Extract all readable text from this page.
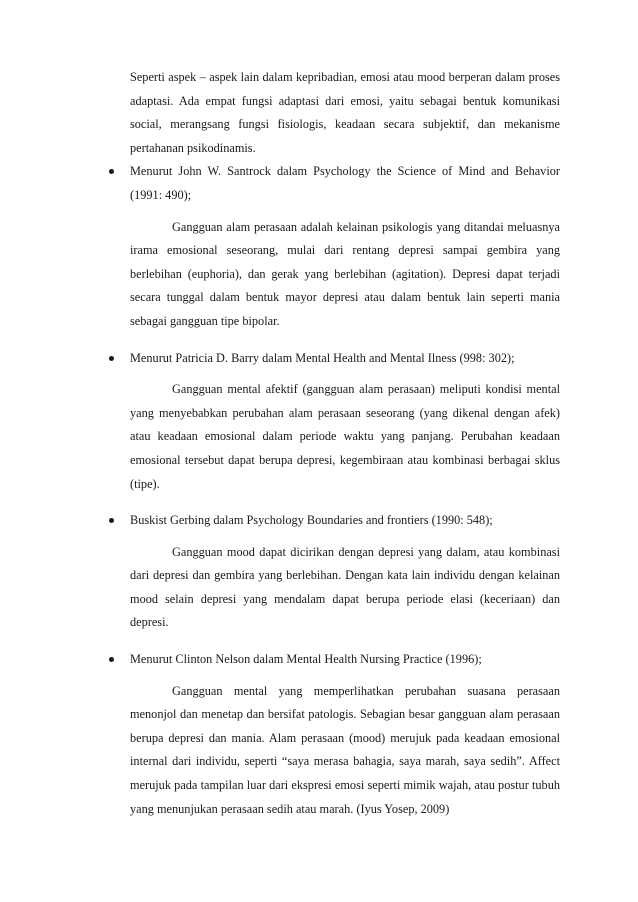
Seperti aspek – aspek lain dalam kepribadian, emosi atau mood berperan dalam proses adaptasi. Ada empat fungsi adaptasi dari emosi, yaitu sebagai bentuk komunikasi social, merangsang fungsi fisiologis, keadaan secara subjektif, dan mekanisme pertahanan psikodinamis.

Menurut John W. Santrock dalam Psychology the Science of Mind and Behavior (1991: 490);

Gangguan alam perasaan adalah kelainan psikologis yang ditandai meluasnya irama emosional seseorang, mulai dari rentang depresi sampai gembira yang berlebihan (euphoria), dan gerak yang berlebihan (agitation). Depresi dapat terjadi secara tunggal dalam bentuk mayor depresi atau dalam bentuk lain seperti mania sebagai gangguan tipe bipolar.

Menurut Patricia D. Barry dalam Mental Health and Mental Ilness (998: 302);

Gangguan mental afektif (gangguan alam perasaan) meliputi kondisi mental yang menyebabkan perubahan alam perasaan seseorang (yang dikenal dengan afek) atau keadaan emosional dalam periode waktu yang panjang. Perubahan keadaan emosional tersebut dapat berupa depresi, kegembiraan atau kombinasi berbagai sklus (tipe).

Buskist Gerbing dalam Psychology Boundaries and frontiers (1990: 548);

Gangguan mood dapat dicirikan dengan depresi yang dalam, atau kombinasi dari depresi dan gembira yang berlebihan. Dengan kata lain individu dengan kelainan mood selain depresi yang mendalam dapat berupa periode elasi (keceriaan) dan depresi.

Menurut Clinton Nelson dalam Mental Health Nursing Practice (1996);

Gangguan mental yang memperlihatkan perubahan suasana perasaan menonjol dan menetap dan bersifat patologis. Sebagian besar gangguan alam perasaan berupa depresi dan mania. Alam perasaan (mood) merujuk pada keadaan emosional internal dari individu, seperti “saya merasa bahagia, saya marah, saya sedih”. Affect merujuk pada tampilan luar dari ekspresi emosi seperti mimik wajah, atau postur tubuh yang menunjukan perasaan sedih atau marah. (Iyus Yosep, 2009)
